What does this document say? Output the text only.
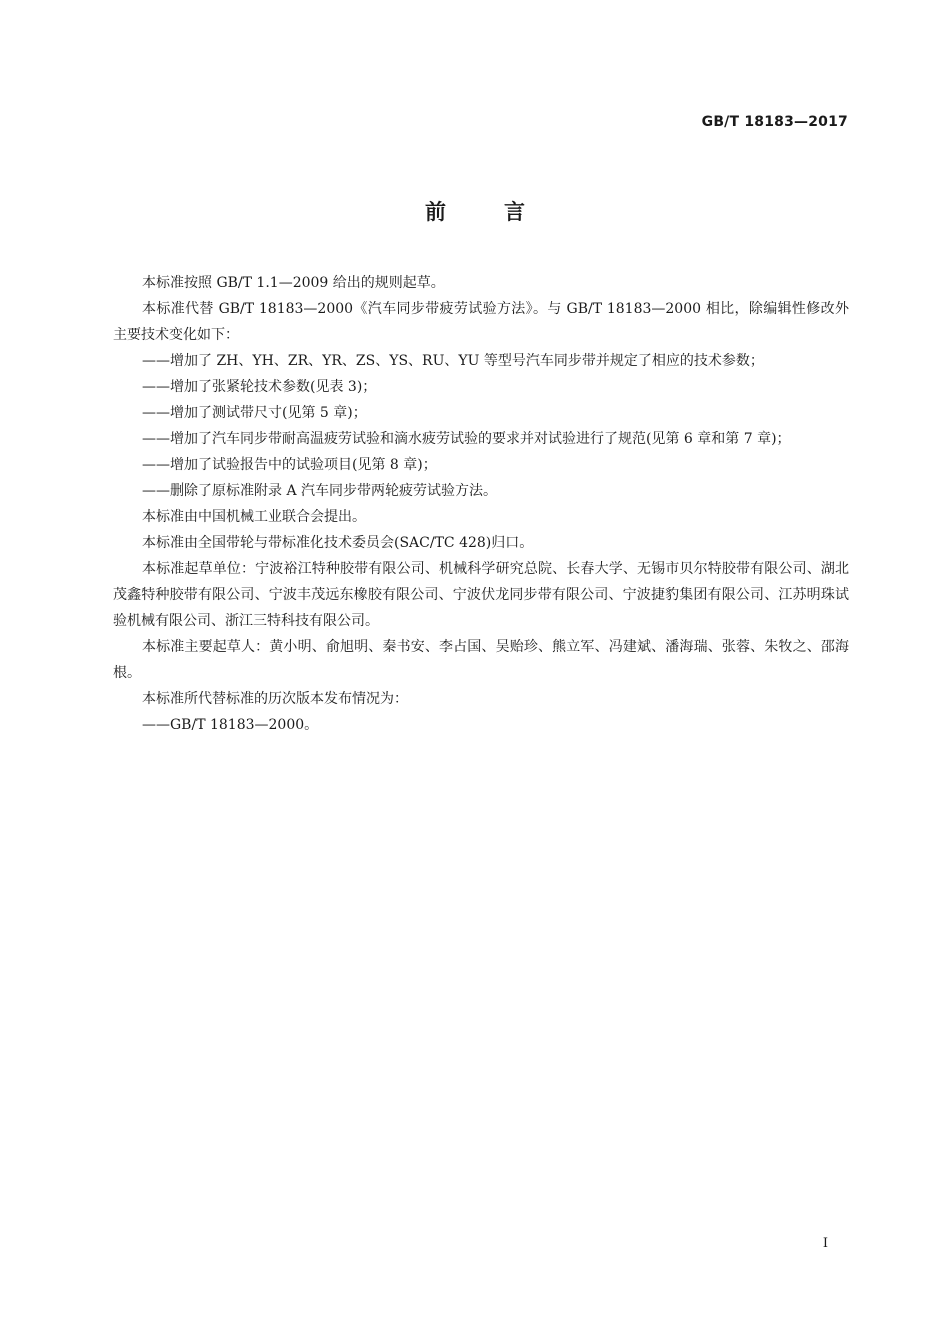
GB/T 18183—2017
前言

本标准按照 GB/T 1.1—2009 给出的规则起草。

本标准代替 GB/T 18183—2000《汽车同步带疲劳试验方法》。与 GB/T 18183—2000 相比，除编辑性修改外主要技术变化如下：

——增加了 ZH、YH、ZR、YR、ZS、YS、RU、YU 等型号汽车同步带并规定了相应的技术参数；

——增加了张紧轮技术参数(见表 3)；

——增加了测试带尺寸(见第 5 章)；

——增加了汽车同步带耐高温疲劳试验和滴水疲劳试验的要求并对试验进行了规范(见第 6 章和第 7 章)；

——增加了试验报告中的试验项目(见第 8 章)；

——删除了原标准附录 A 汽车同步带两轮疲劳试验方法。

本标准由中国机械工业联合会提出。

本标准由全国带轮与带标准化技术委员会(SAC/TC 428)归口。

本标准起草单位：宁波裕江特种胶带有限公司、机械科学研究总院、长春大学、无锡市贝尔特胶带有限公司、湖北茂鑫特种胶带有限公司、宁波丰茂远东橡胶有限公司、宁波伏龙同步带有限公司、宁波捷豹集团有限公司、江苏明珠试验机械有限公司、浙江三特科技有限公司。

本标准主要起草人：黄小明、俞旭明、秦书安、李占国、吴贻珍、熊立军、冯建斌、潘海瑞、张蓉、朱牧之、邵海根。

本标准所代替标准的历次版本发布情况为：

——GB/T 18183—2000。

I
